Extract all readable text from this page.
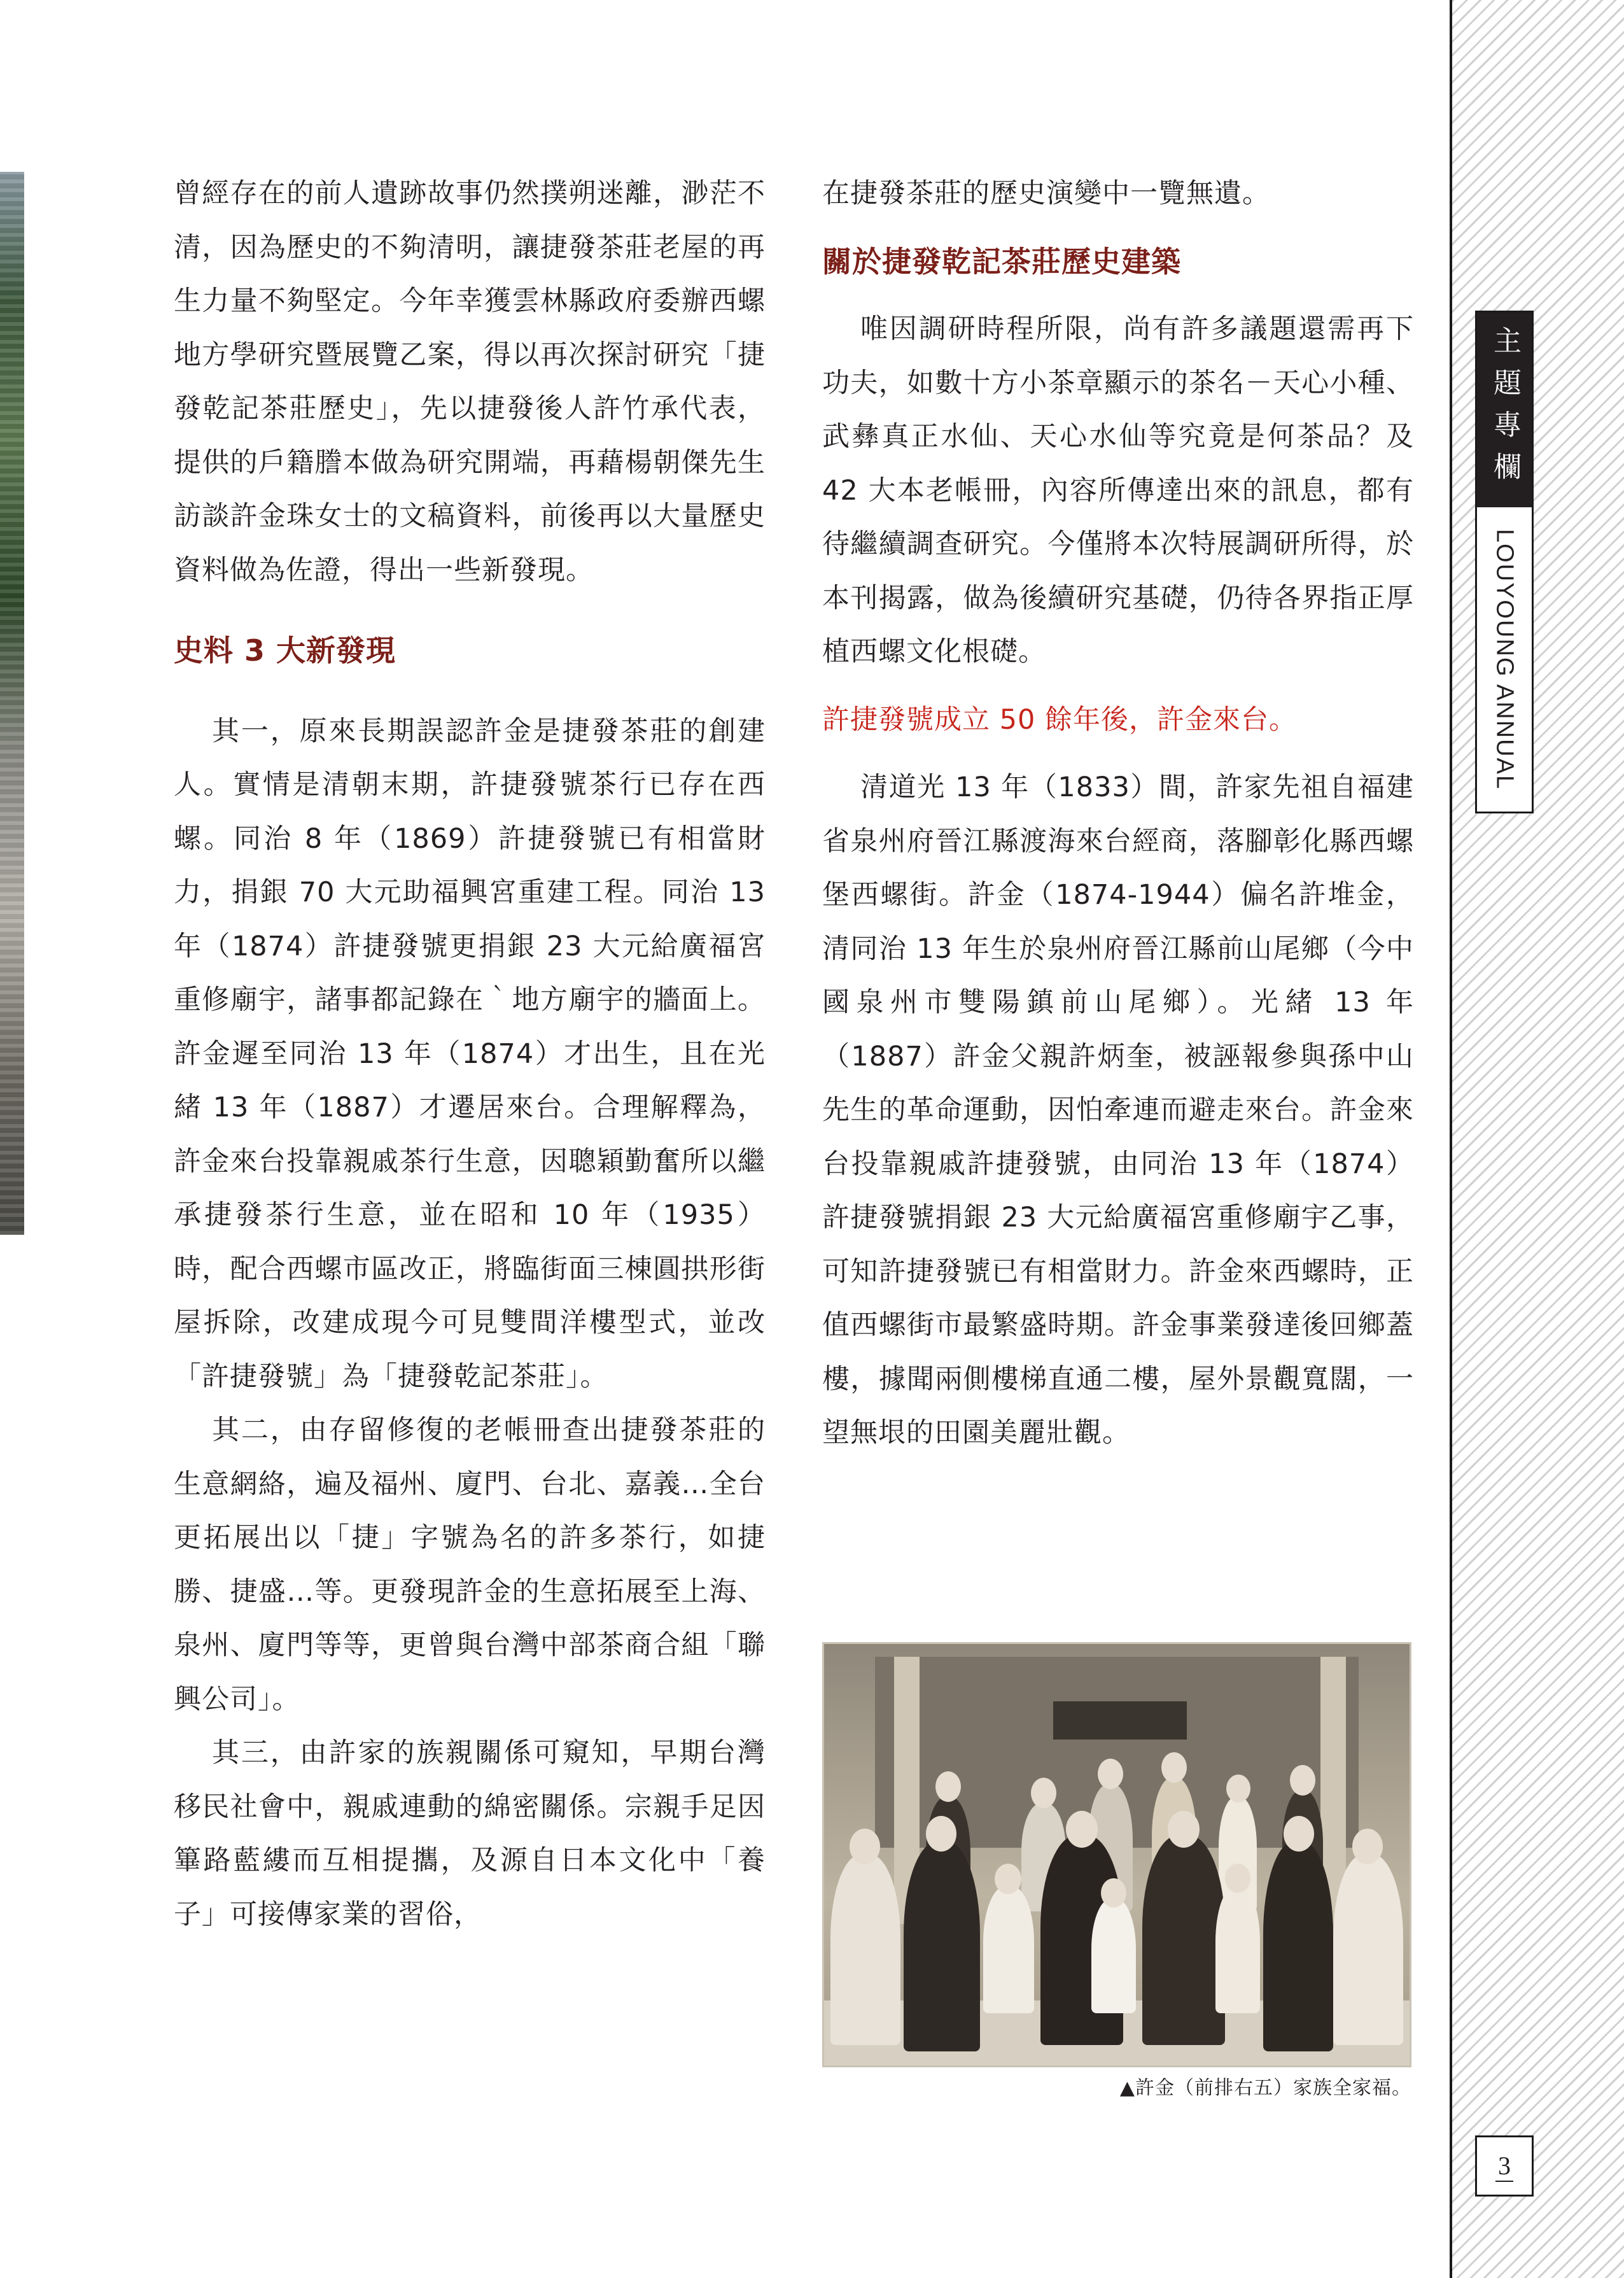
主題專欄
LOUYOUNG ANNUAL
3

曾經存在的前人遺跡故事仍然撲朔迷離，渺茫不清，因為歷史的不夠清明，讓捷發茶莊老屋的再生力量不夠堅定。今年幸獲雲林縣政府委辦西螺地方學研究暨展覽乙案，得以再次探討研究「捷發乾記茶莊歷史」，先以捷發後人許竹承代表，提供的戶籍謄本做為研究開端，再藉楊朝傑先生訪談許金珠女士的文稿資料，前後再以大量歷史資料做為佐證，得出一些新發現。

史料 3 大新發現

其一，原來長期誤認許金是捷發茶莊的創建人。實情是清朝末期，許捷發號茶行已存在西螺。同治 8 年（1869）許捷發號已有相當財力，捐銀 70 大元助福興宮重建工程。同治 13 年（1874）許捷發號更捐銀 23 大元給廣福宮重修廟宇，諸事都記錄在｀地方廟宇的牆面上。許金遲至同治 13 年（1874）才出生，且在光緒 13 年（1887）才遷居來台。合理解釋為，許金來台投靠親戚茶行生意，因聰穎勤奮所以繼承捷發茶行生意，並在昭和 10 年（1935）時，配合西螺市區改正，將臨街面三棟圓拱形街屋拆除，改建成現今可見雙間洋樓型式，並改「許捷發號」為「捷發乾記茶莊」。

其二，由存留修復的老帳冊查出捷發茶莊的生意網絡，遍及福州、廈門、台北、嘉義…全台更拓展出以「捷」字號為名的許多茶行，如捷勝、捷盛…等。更發現許金的生意拓展至上海、泉州、廈門等等，更曾與台灣中部茶商合組「聯興公司」。

其三，由許家的族親關係可窺知，早期台灣移民社會中，親戚連動的綿密關係。宗親手足因篳路藍縷而互相提攜，及源自日本文化中「養子」可接傳家業的習俗，

在捷發茶莊的歷史演變中一覽無遺。

關於捷發乾記茶莊歷史建築

唯因調研時程所限，尚有許多議題還需再下功夫，如數十方小茶章顯示的茶名－天心小種、武彝真正水仙、天心水仙等究竟是何茶品？及 42 大本老帳冊，內容所傳達出來的訊息，都有待繼續調查研究。今僅將本次特展調研所得，於本刊揭露，做為後續研究基礎，仍待各界指正厚植西螺文化根礎。

許捷發號成立 50 餘年後，許金來台。

清道光 13 年（1833）間，許家先祖自福建省泉州府晉江縣渡海來台經商，落腳彰化縣西螺堡西螺街。許金（1874-1944）偏名許堆金，清同治 13 年生於泉州府晉江縣前山尾鄉（今中國泉州市雙陽鎮前山尾鄉）。光緒 13 年（1887）許金父親許炳奎，被誣報參與孫中山先生的革命運動，因怕牽連而避走來台。許金來台投靠親戚許捷發號，由同治 13 年（1874）許捷發號捐銀 23 大元給廣福宮重修廟宇乙事，可知許捷發號已有相當財力。許金來西螺時，正值西螺街市最繁盛時期。許金事業發達後回鄉蓋樓，據聞兩側樓梯直通二樓，屋外景觀寬闊，一望無垠的田園美麗壯觀。

▲許金（前排右五）家族全家福。
